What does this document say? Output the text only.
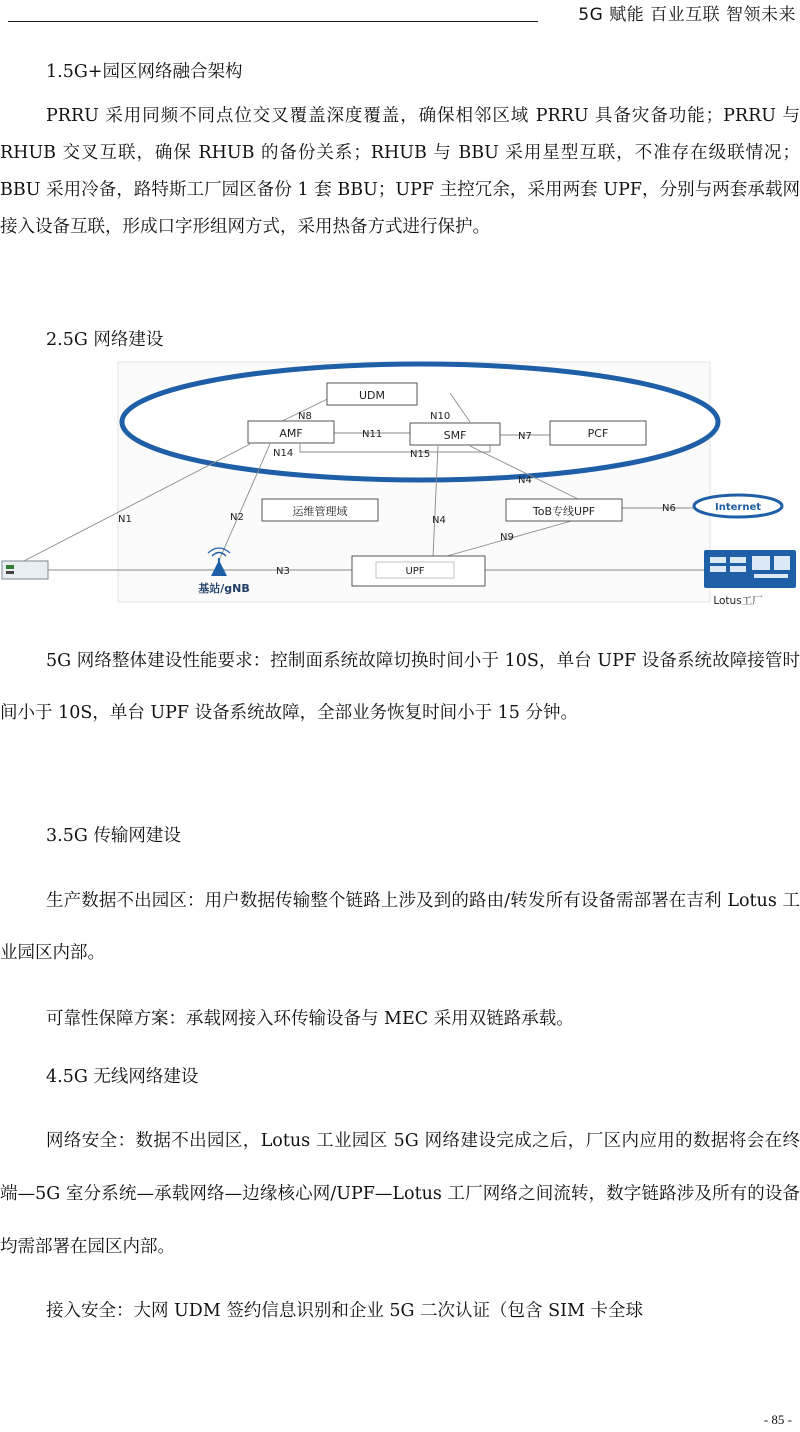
5G 赋能 百业互联 智领未来
1.5G+园区网络融合架构

PRRU 采用同频不同点位交叉覆盖深度覆盖，确保相邻区域 PRRU 具备灾备功能；PRRU 与 RHUB 交叉互联，确保 RHUB 的备份关系；RHUB 与 BBU 采用星型互联，不准存在级联情况；BBU 采用冷备，路特斯工厂园区备份 1 套 BBU；UPF 主控冗余，采用两套 UPF，分别与两套承载网接入设备互联，形成口字形组网方式，采用热备方式进行保护。

2.5G 网络建设
UDM
AMF	SMF	PCF
运维管理域	ToB专线UPF
UPF
Internet
基站/gNB
Lotus工厂
N8	N10
N11	N7
N14	N15
N4
N4
N1	N2
N6
N9
N3

5G 网络整体建设性能要求：控制面系统故障切换时间小于 10S，单台 UPF 设备系统故障接管时间小于 10S，单台 UPF 设备系统故障，全部业务恢复时间小于 15 分钟。

3.5G 传输网建设

生产数据不出园区：用户数据传输整个链路上涉及到的路由/转发所有设备需部署在吉利 Lotus 工业园区内部。

可靠性保障方案：承载网接入环传输设备与 MEC 采用双链路承载。

4.5G 无线网络建设

网络安全：数据不出园区，Lotus 工业园区 5G 网络建设完成之后，厂区内应用的数据将会在终端—5G 室分系统—承载网络—边缘核心网/UPF—Lotus 工厂网络之间流转，数字链路涉及所有的设备均需部署在园区内部。

接入安全：大网 UDM 签约信息识别和企业 5G 二次认证（包含 SIM 卡全球

- 85 -
